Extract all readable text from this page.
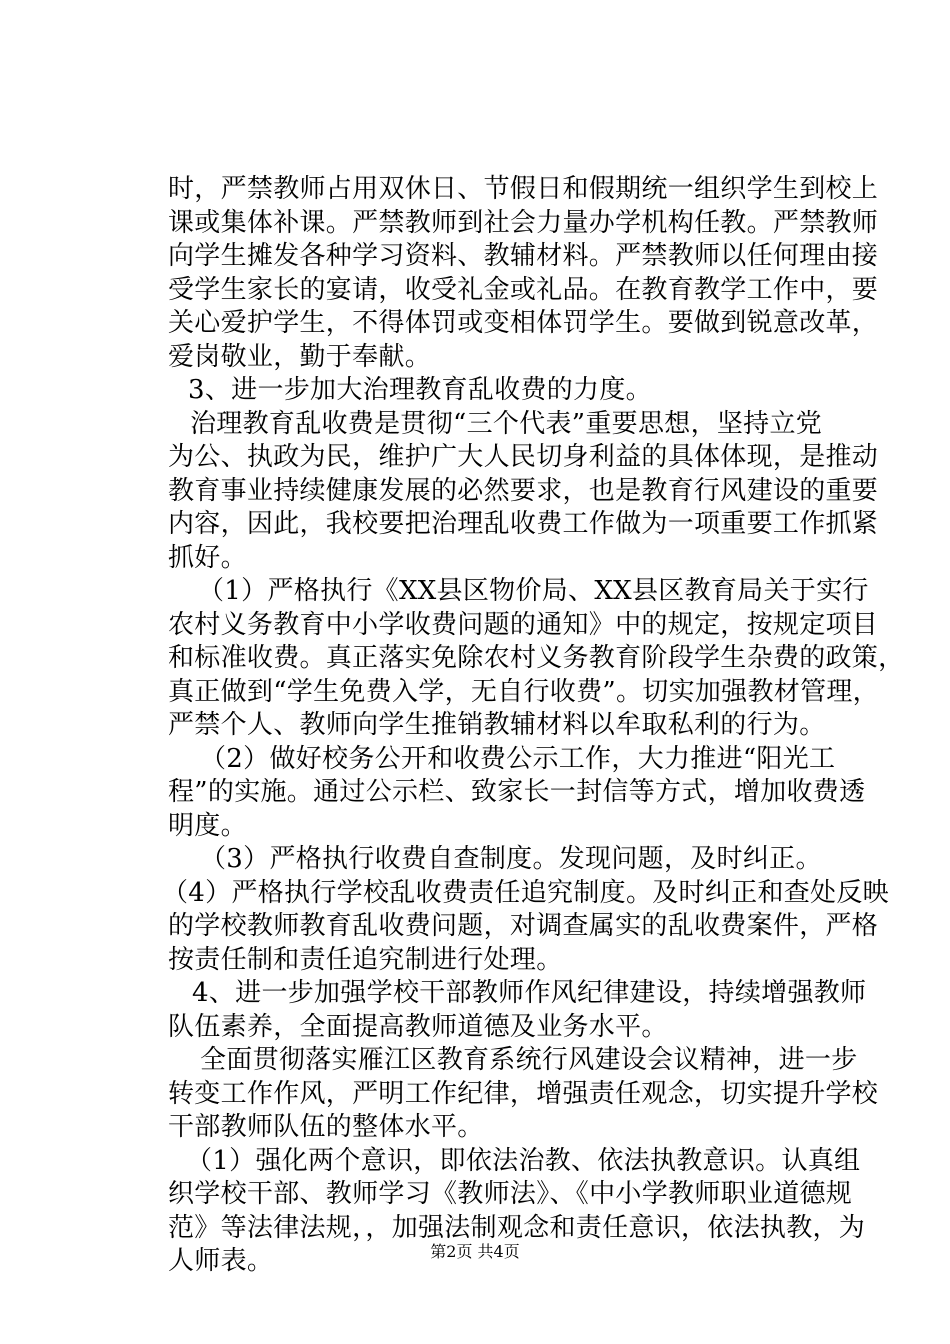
时，严禁教师占用双休日、节假日和假期统一组织学生到校上
课或集体补课。严禁教师到社会力量办学机构任教。严禁教师
向学生摊发各种学习资料、教辅材料。严禁教师以任何理由接
受学生家长的宴请，收受礼金或礼品。在教育教学工作中，要
关心爱护学生，不得体罚或变相体罚学生。要做到锐意改革，
爱岗敬业，勤于奉献。
3、进一步加大治理教育乱收费的力度。
治理教育乱收费是贯彻“三个代表”重要思想，坚持立党
为公、执政为民，维护广大人民切身利益的具体体现，是推动
教育事业持续健康发展的必然要求，也是教育行风建设的重要
内容，因此，我校要把治理乱收费工作做为一项重要工作抓紧
抓好。
（1）严格执行《XX县区物价局、XX县区教育局关于实行
农村义务教育中小学收费问题的通知》中的规定，按规定项目
和标准收费。真正落实免除农村义务教育阶段学生杂费的政策，
真正做到“学生免费入学，无自行收费”。切实加强教材管理，
严禁个人、教师向学生推销教辅材料以牟取私利的行为。
（2）做好校务公开和收费公示工作，大力推进“阳光工
程”的实施。通过公示栏、致家长一封信等方式，增加收费透
明度。
（3）严格执行收费自查制度。发现问题，及时纠正。
（4）严格执行学校乱收费责任追究制度。及时纠正和查处反映
的学校教师教育乱收费问题，对调查属实的乱收费案件，严格
按责任制和责任追究制进行处理。
4、进一步加强学校干部教师作风纪律建设，持续增强教师
队伍素养，全面提高教师道德及业务水平。
全面贯彻落实雁江区教育系统行风建设会议精神，进一步
转变工作作风，严明工作纪律，增强责任观念，切实提升学校
干部教师队伍的整体水平。
（1）强化两个意识，即依法治教、依法执教意识。认真组
织学校干部、教师学习《教师法》、《中小学教师职业道德规
范》等法律法规，，加强法制观念和责任意识，依法执教，为
人师表。	第2页 共4页
